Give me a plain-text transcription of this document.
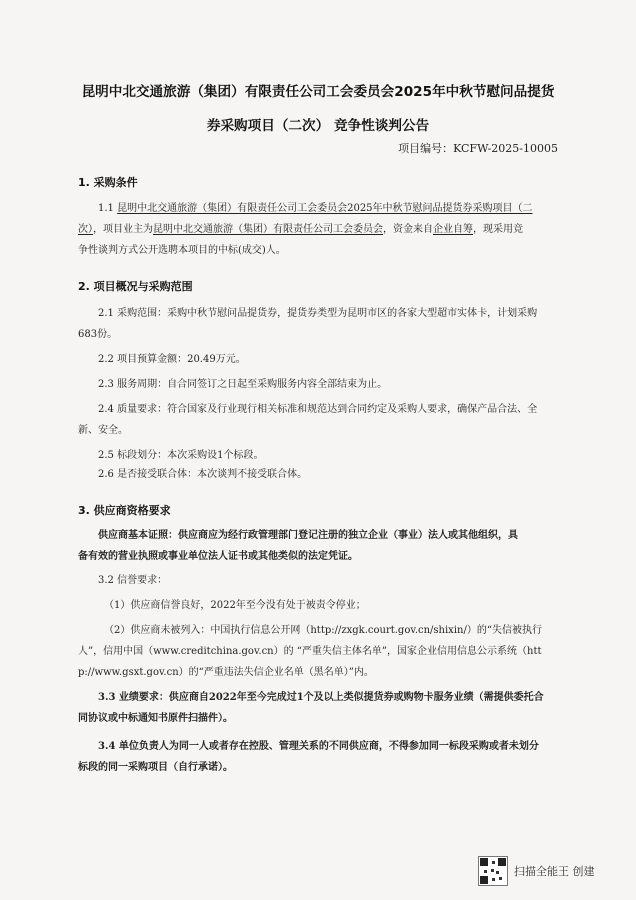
昆明中北交通旅游（集团）有限责任公司工会委员会2025年中秋节慰问品提货
券采购项目（二次） 竞争性谈判公告
项目编号：KCFW-2025-10005
1. 采购条件
1.1 昆明中北交通旅游（集团）有限责任公司工会委员会2025年中秋节慰问品提货券采购项目（二
次），项目业主为昆明中北交通旅游（集团）有限责任公司工会委员会，资金来自企业自筹，现采用竞
争性谈判方式公开选聘本项目的中标(成交)人。
2. 项目概况与采购范围
2.1 采购范围：采购中秋节慰问品提货券，提货券类型为昆明市区的各家大型超市实体卡，计划采购
683份。
2.2 项目预算金额：20.49万元。
2.3 服务周期：自合同签订之日起至采购服务内容全部结束为止。
2.4 质量要求：符合国家及行业现行相关标准和规范达到合同约定及采购人要求，确保产品合法、全
新、安全。
2.5 标段划分：本次采购设1个标段。
2.6 是否接受联合体：本次谈判不接受联合体。
3. 供应商资格要求
供应商基本证照：供应商应为经行政管理部门登记注册的独立企业（事业）法人或其他组织，具
备有效的营业执照或事业单位法人证书或其他类似的法定凭证。
3.2 信誉要求：
（1）供应商信誉良好，2022年至今没有处于被责令停业；
（2）供应商未被列入：中国执行信息公开网（http://zxgk.court.gov.cn/shixin/）的“失信被执行
人”，信用中国（www.creditchina.gov.cn）的 “严重失信主体名单”，国家企业信用信息公示系统（htt
p://www.gsxt.gov.cn）的“严重违法失信企业名单（黑名单）”内。
3.3 业绩要求：供应商自2022年至今完成过1个及以上类似提货券或购物卡服务业绩（需提供委托合
同协议或中标通知书原件扫描件）。
3.4 单位负责人为同一人或者存在控股、管理关系的不同供应商，不得参加同一标段采购或者未划分
标段的同一采购项目（自行承诺）。
扫描全能王 创建
